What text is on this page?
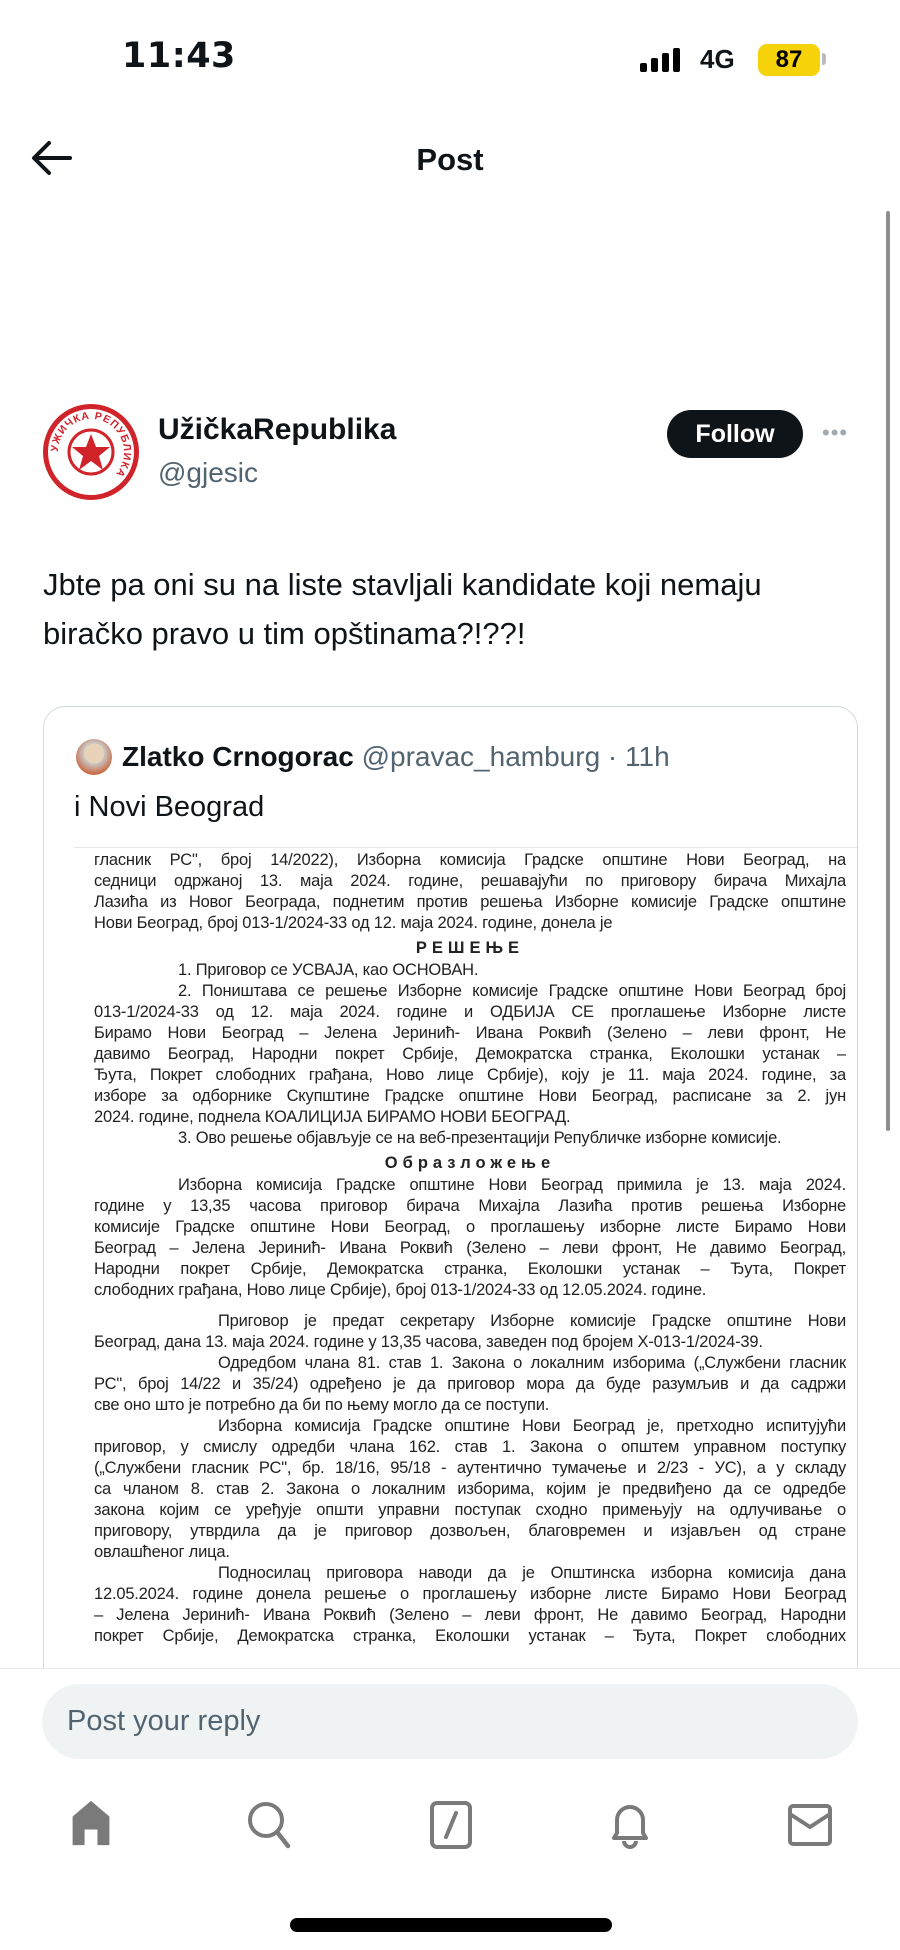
11:43	4G	87
Post
УЖИЧКА РЕПУБЛИКА
UžičkaRepublika
@gjesic
Follow	•••
Jbte pa oni su na liste stavljali kandidate koji nemaju biračko pravo u tim opštinama?!??!
Zlatko Crnogorac @pravac_hamburg · 11h
i Novi Beograd
гласник РС", број 14/2022), Изборна комисија Градске општине Нови Београд, на
седници одржаној 13. маја 2024. године, решавајући по приговору бирача Михајла
Лазића из Новог Београда, поднетим против решења Изборне комисије Градске општине
Нови Београд, број 013-1/2024-33 од 12. маја 2024. године, донела је
РЕШЕЊЕ
1. Приговор се УСВАЈА, као ОСНОВАН.
2. Поништава се решење Изборне комисије Градске општине Нови Београд број
013-1/2024-33 од 12. маја 2024. године и ОДБИЈА СЕ проглашење Изборне листе
Бирамо Нови Београд – Јелена Јеринић- Ивана Роквић (Зелено – леви фронт, Не
давимо Београд, Народни покрет Србије, Демократска странка, Еколошки устанак –
Ђута, Покрет слободних грађана, Ново лице Србије), коју је 11. маја 2024. године, за
изборе за одборнике Скупштине Градске општине Нови Београд, расписане за 2. јун
2024. године, поднела КОАЛИЦИЈА БИРАМО НОВИ БЕОГРАД.
3. Ово решење објављује се на веб-презентацији Републичке изборне комисије.
Образложење
Изборна комисија Градске општине Нови Београд примила је 13. маја 2024.
године у 13,35 часова приговор бирача Михајла Лазића против решења Изборне
комисије Градске општине Нови Београд, о проглашењу изборне листе Бирамо Нови
Београд – Јелена Јеринић- Ивана Роквић (Зелено – леви фронт, Не давимо Београд,
Народни покрет Србије, Демократска странка, Еколошки устанак – Ђута, Покрет
слободних грађана, Ново лице Србије), број 013-1/2024-33 од 12.05.2024. године.
Приговор је предат секретару Изборне комисије Градске општине Нови
Београд, дана 13. маја 2024. године у 13,35 часова, заведен под бројем X-013-1/2024-39.
Одредбом члана 81. став 1. Закона о локалним изборима („Службени гласник
РС", број 14/22 и 35/24) одређено је да приговор мора да буде разумљив и да садржи
све оно што је потребно да би по њему могло да се поступи.
Изборна комисија Градске општине Нови Београд је, претходно испитујући
приговор, у смислу одредби члана 162. став 1. Закона о општем управном поступку
(„Службени гласник РС", бр. 18/16, 95/18 - аутентично тумачење и 2/23 - УС), а у складу
са чланом 8. став 2. Закона о локалним изборима, којим је предвиђено да се одредбе
закона којим се уређује општи управни поступак сходно примењују на одлучивање о
приговору, утврдила да је приговор дозвољен, благовремен и изјављен од стране
овлашћеног лица.
Подносилац приговора наводи да је Општинска изборна комисија дана
12.05.2024. године донела решење о проглашењу изборне листе Бирамо Нови Београд
– Јелена Јеринић- Ивана Роквић (Зелено – леви фронт, Не давимо Београд, Народни
покрет Србије, Демократска странка, Еколошки устанак – Ђута, Покрет слободних
Post your reply
